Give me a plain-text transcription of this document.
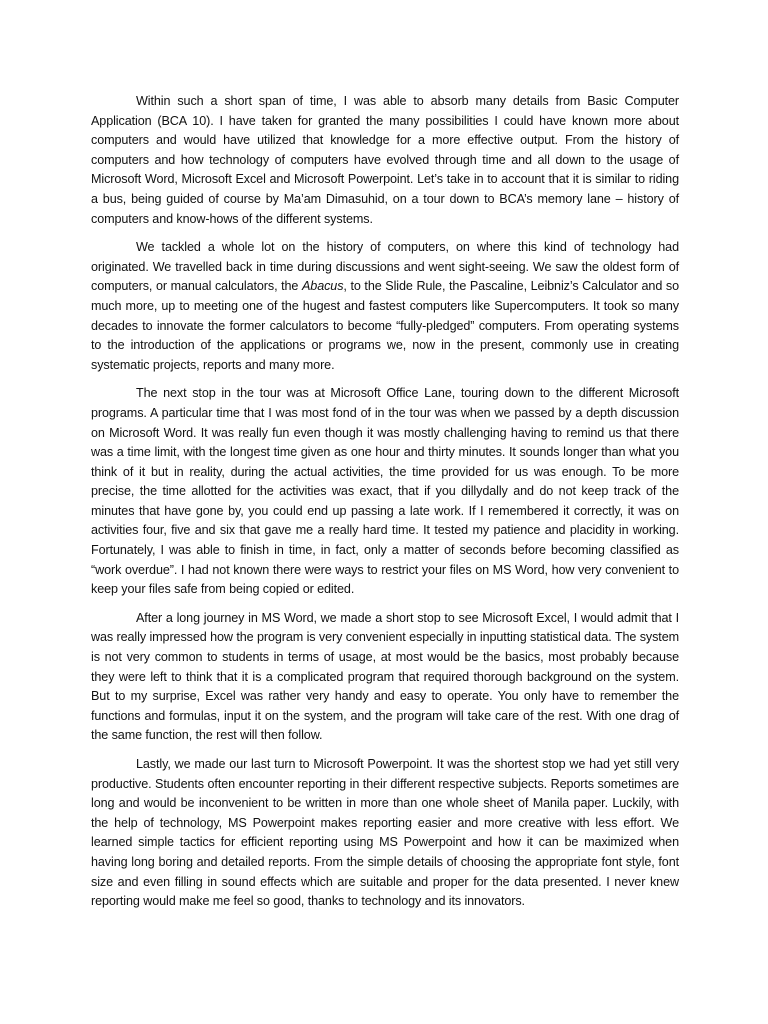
Within such a short span of time, I was able to absorb many details from Basic Computer Application (BCA 10). I have taken for granted the many possibilities I could have known more about computers and would have utilized that knowledge for a more effective output. From the history of computers and how technology of computers have evolved through time and all down to the usage of Microsoft Word, Microsoft Excel and Microsoft Powerpoint. Let’s take in to account that it is similar to riding a bus, being guided of course by Ma’am Dimasuhid, on a tour down to BCA’s memory lane – history of computers and know-hows of the different systems.

We tackled a whole lot on the history of computers, on where this kind of technology had originated. We travelled back in time during discussions and went sight-seeing. We saw the oldest form of computers, or manual calculators, the Abacus, to the Slide Rule, the Pascaline, Leibniz’s Calculator and so much more, up to meeting one of the hugest and fastest computers like Supercomputers. It took so many decades to innovate the former calculators to become “fully-pledged” computers. From operating systems to the introduction of the applications or programs we, now in the present, commonly use in creating systematic projects, reports and many more.

The next stop in the tour was at Microsoft Office Lane, touring down to the different Microsoft programs. A particular time that I was most fond of in the tour was when we passed by a depth discussion on Microsoft Word. It was really fun even though it was mostly challenging having to remind us that there was a time limit, with the longest time given as one hour and thirty minutes. It sounds longer than what you think of it but in reality, during the actual activities, the time provided for us was enough. To be more precise, the time allotted for the activities was exact, that if you dillydally and do not keep track of the minutes that have gone by, you could end up passing a late work. If I remembered it correctly, it was on activities four, five and six that gave me a really hard time. It tested my patience and placidity in working. Fortunately, I was able to finish in time, in fact, only a matter of seconds before becoming classified as “work overdue”. I had not known there were ways to restrict your files on MS Word, how very convenient to keep your files safe from being copied or edited.

After a long journey in MS Word, we made a short stop to see Microsoft Excel, I would admit that I was really impressed how the program is very convenient especially in inputting statistical data. The system is not very common to students in terms of usage, at most would be the basics, most probably because they were left to think that it is a complicated program that required thorough background on the system. But to my surprise, Excel was rather very handy and easy to operate. You only have to remember the functions and formulas, input it on the system, and the program will take care of the rest. With one drag of the same function, the rest will then follow.

Lastly, we made our last turn to Microsoft Powerpoint. It was the shortest stop we had yet still very productive. Students often encounter reporting in their different respective subjects. Reports sometimes are long and would be inconvenient to be written in more than one whole sheet of Manila paper. Luckily, with the help of technology, MS Powerpoint makes reporting easier and more creative with less effort. We learned simple tactics for efficient reporting using MS Powerpoint and how it can be maximized when having long boring and detailed reports. From the simple details of choosing the appropriate font style, font size and even filling in sound effects which are suitable and proper for the data presented. I never knew reporting would make me feel so good, thanks to technology and its innovators.
